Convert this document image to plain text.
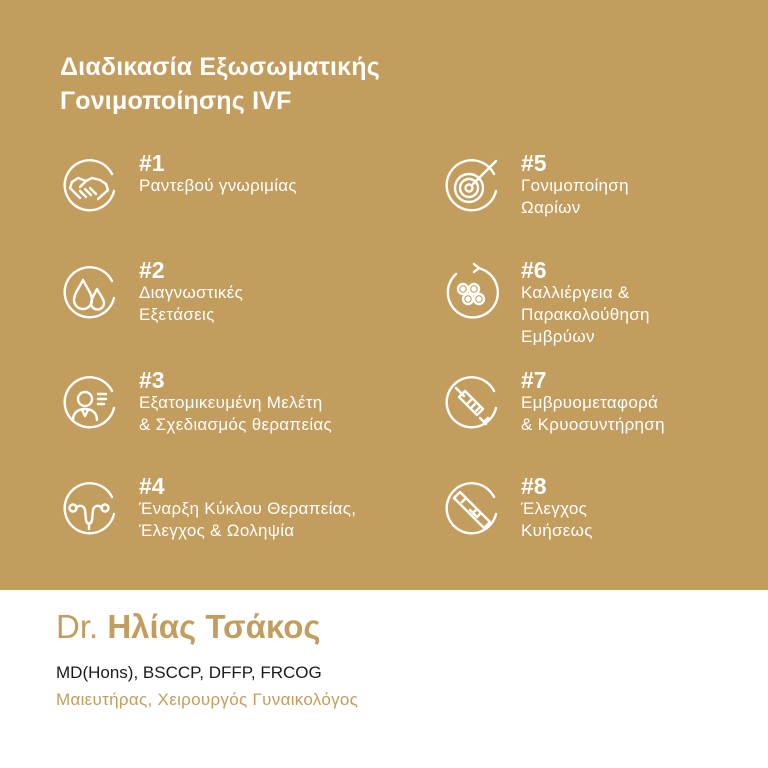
Διαδικασία Εξωσωματικής
Γονιμοποίησης IVF
#1
Ραντεβού γνωριμίας
#2
Διαγνωστικές
Εξετάσεις
#3
Εξατομικευμένη Μελέτη
& Σχεδιασμός θεραπείας
#4
Έναρξη Κύκλου Θεραπείας,
Έλεγχος & Ωοληψία
#5
Γονιμοποίηση
Ωαρίων
#6
Καλλιέργεια &
Παρακολούθηση
Εμβρύων
#7
Εμβρυομεταφορά
& Κρυοσυντήρηση
#8
Έλεγχος
Κυήσεως
Dr. Ηλίας Τσάκος
MD(Hons), BSCCP, DFFP, FRCOG
Μαιευτήρας, Χειρουργός Γυναικολόγος
